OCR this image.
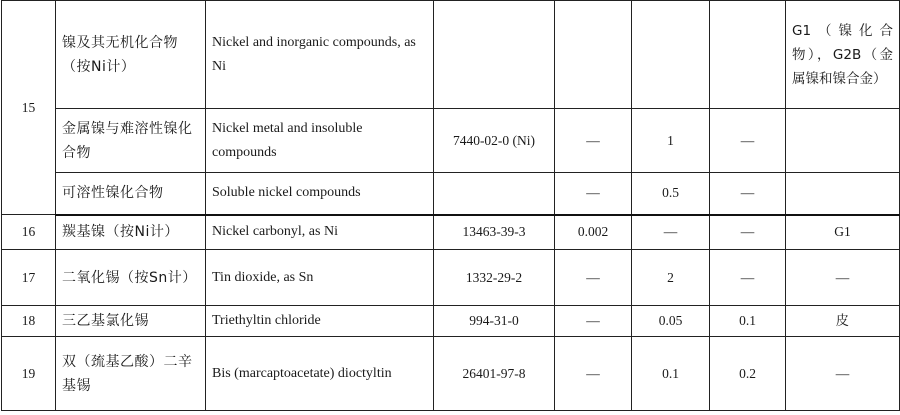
15	镍及其无机化合物（按Ni计）	Nickel and inorganic compounds, as Ni					G1（镍化合物），G2B（金属镍和镍合金）
	金属镍与难溶性镍化合物	Nickel metal and insoluble compounds	7440-02-0 (Ni)	—	1	—	
	可溶性镍化合物	Soluble nickel compounds		—	0.5	—	
16	羰基镍（按Ni计）	Nickel carbonyl, as Ni	13463-39-3	0.002	—	—	G1
17	二氧化锡（按Sn计）	Tin dioxide, as Sn	1332-29-2	—	2	—	—
18	三乙基氯化锡	Triethyltin chloride	994-31-0	—	0.05	0.1	皮
19	双（巯基乙酸）二辛基锡	Bis (marcaptoacetate) dioctyltin	26401-97-8	—	0.1	0.2	—
